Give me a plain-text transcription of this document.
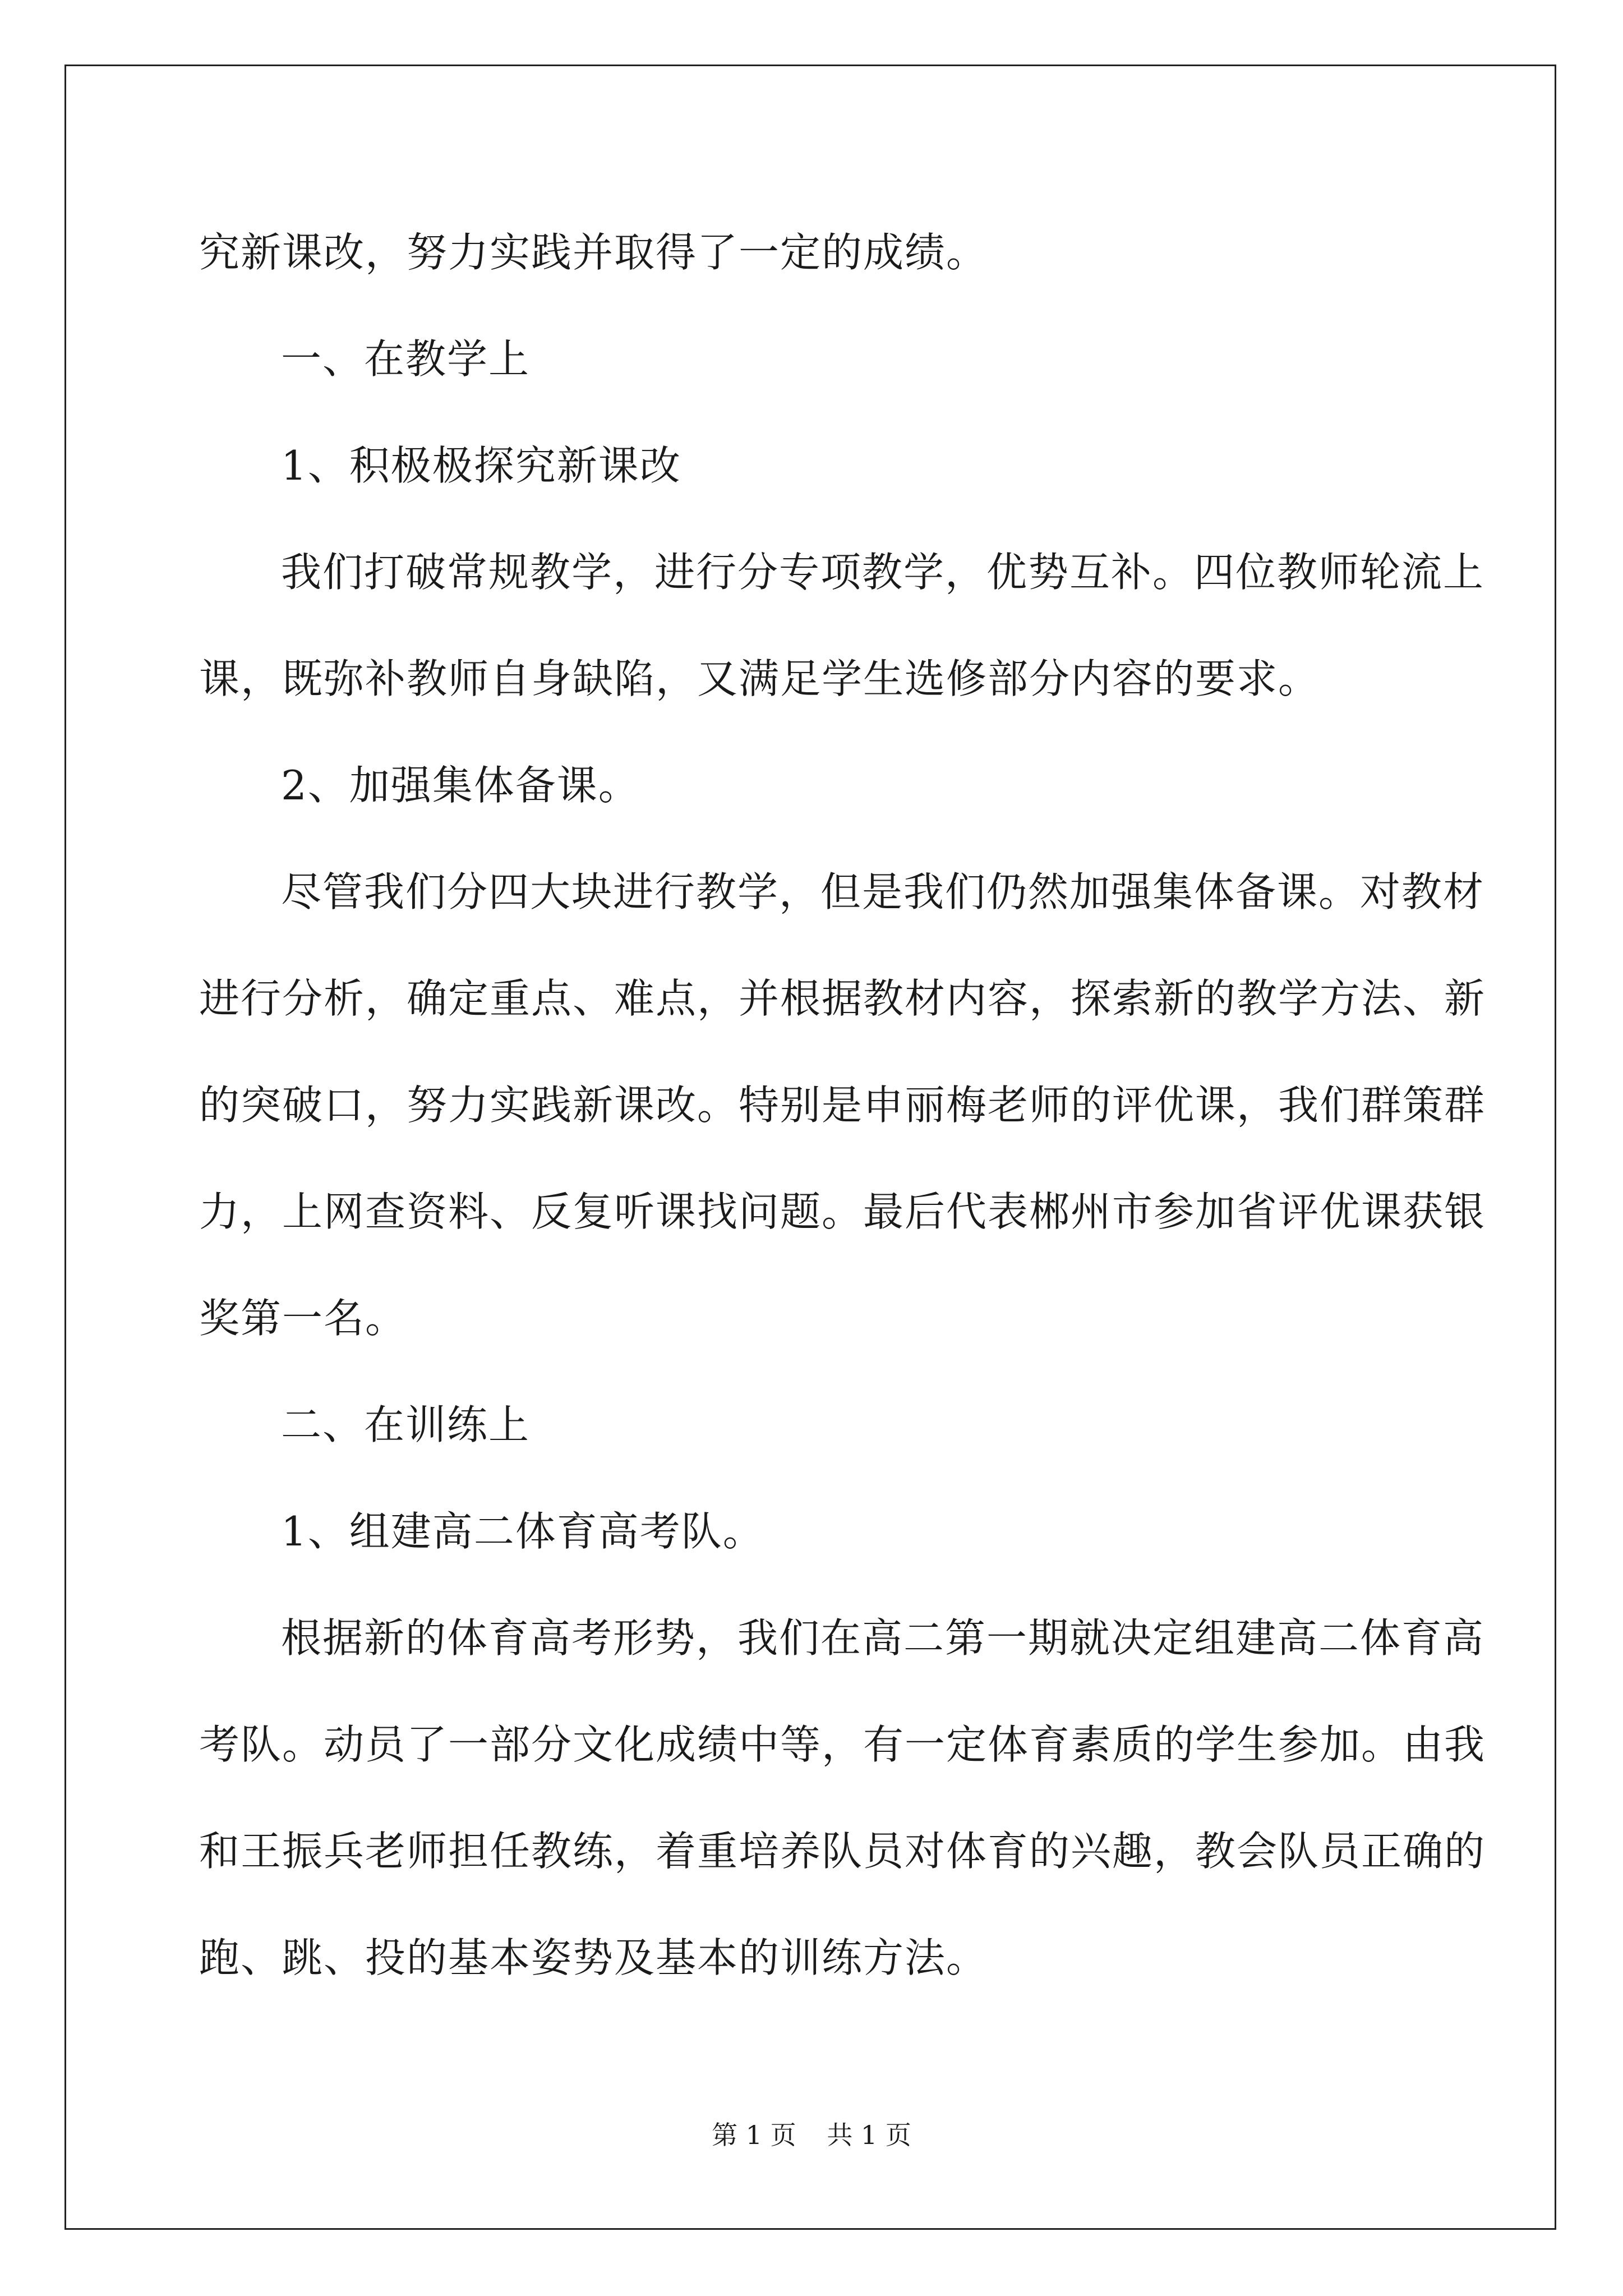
究新课改，努力实践并取得了一定的成绩。

一、在教学上

1、积极极探究新课改

我们打破常规教学，进行分专项教学，优势互补。四位教师轮流上课，既弥补教师自身缺陷，又满足学生选修部分内容的要求。

2、加强集体备课。

尽管我们分四大块进行教学，但是我们仍然加强集体备课。对教材进行分析，确定重点、难点，并根据教材内容，探索新的教学方法、新的突破口，努力实践新课改。特别是申丽梅老师的评优课，我们群策群力，上网查资料、反复听课找问题。最后代表郴州市参加省评优课获银奖第一名。

二、在训练上

1、组建高二体育高考队。

根据新的体育高考形势，我们在高二第一期就决定组建高二体育高考队。动员了一部分文化成绩中等，有一定体育素质的学生参加。由我和王振兵老师担任教练，着重培养队员对体育的兴趣，教会队员正确的跑、跳、投的基本姿势及基本的训练方法。

第 1 页 共 1 页
